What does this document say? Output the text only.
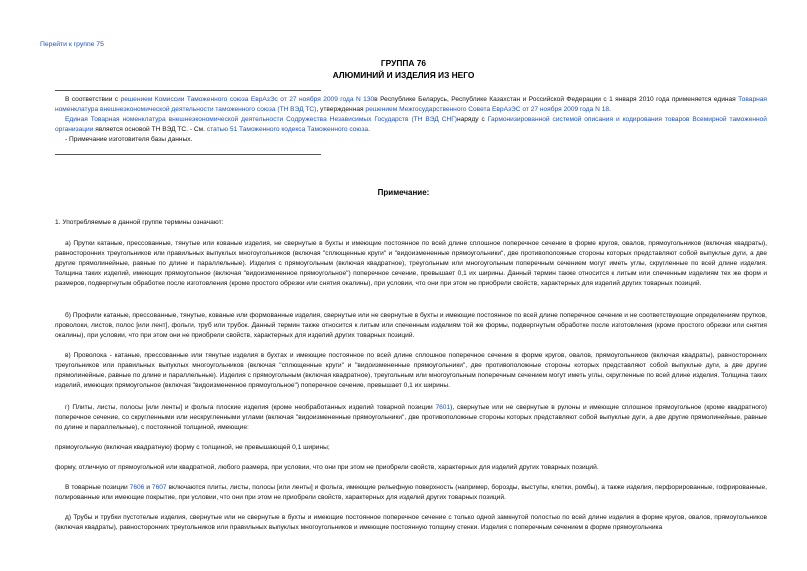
Перейти к группе 75
ГРУППА 76
АЛЮМИНИЙ И ИЗДЕЛИЯ ИЗ НЕГО

В соответствии с решением Комиссии Таможенного союза ЕврАзЭс от 27 ноября 2009 года N 130в Республике Беларусь, Республике Казахстан и Российской Федерации с 1 января 2010 года применяется единая Товарная номенклатура внешнеэкономической деятельности таможенного союза (ТН ВЭД ТС), утвержденная решением Межгосударственного Совета ЕврАзЭС от 27 ноября 2009 года N 18.

Единая Товарная номенклатура внешнеэкономической деятельности Содружества Независимых Государств (ТН ВЭД СНГ)наряду с Гармонизированной системой описания и кодирования товаров Всемирной таможенной организации является основой ТН ВЭД ТС. - См. статью 51 Таможенного кодекса Таможенного союза.

- Примечание изготовителя базы данных.

Примечание:
1. Употребляемые в данной группе термины означают:
а) Прутки катаные, прессованные, тянутые или кованые изделия, не свернутые в бухты и имеющие постоянное по всей длине сплошное поперечное сечение в форме кругов, овалов, прямоугольников (включая квадраты), равносторонних треугольников или правильных выпуклых многоугольников (включая "сплющенные круги" и "видоизмененные прямоугольники", две противоположные стороны которых представляют собой выпуклые дуги, а две другие прямолинейные, равные по длине и параллельные). Изделия с прямоугольным (включая квадратное), треугольным или многоугольным поперечным сечением могут иметь углы, скругленные по всей длине изделия. Толщина таких изделий, имеющих прямоугольное (включая "видоизмененное прямоугольное") поперечное сечение, превышает 0,1 их ширины. Данный термин также относится к литым или спеченным изделиям тех же форм и размеров, подвергнутым обработке после изготовления (кроме простого обрезки или снятия окалины), при условии, что они при этом не приобрели свойств, характерных для изделий других товарных позиций.
б) Профили катаные, прессованные, тянутые, кованые или формованные изделия, свернутые или не свернутые в бухты и имеющие постоянное по всей длине поперечное сечение и не соответствующие определениям прутков, проволоки, листов, полос [или лент], фольги, труб или трубок. Данный термин также относится к литым или спеченным изделиям той же формы, подвергнутым обработке после изготовления (кроме простого обрезки или снятия окалины), при условии, что при этом они не приобрели свойств, характерных для изделий других товарных позиций.
в) Проволока - катаные, прессованные или тянутые изделия в бухтах и имеющие постоянное по всей длине сплошное поперечное сечение в форме кругов, овалов, прямоугольников (включая квадраты), равносторонних треугольников или правильных выпуклых многоугольников (включая "сплющенные круги" и "видоизмененные прямоугольники", две противоположные стороны которых представляют собой выпуклые дуги, а две другие прямолинейные, равные по длине и параллельные). Изделия с прямоугольным (включая квадратное), треугольным или многоугольным поперечным сечением могут иметь углы, скругленные по всей длине изделия. Толщина таких изделий, имеющих прямоугольное (включая "видоизмененное прямоугольное") поперечное сечение, превышает 0,1 их ширины.
г) Плиты, листы, полосы [или ленты] и фольга плоские изделия (кроме необработанных изделий товарной позиции 7601), свернутые или не свернутые в рулоны и имеющие сплошное прямоугольное (кроме квадратного) поперечное сечение, со скругленными или нескругленными углами (включая "видоизмененные прямоугольники", две противоположные стороны которых представляют собой выпуклые дуги, а две другие прямолинейные, равные по длине и параллельные), с постоянной толщиной, имеющие:
прямоугольную (включая квадратную) форму с толщиной, не превышающей 0,1 ширины;
форму, отличную от прямоугольной или квадратной, любого размера, при условии, что они при этом не приобрели свойств, характерных для изделий других товарных позиций.
В товарные позиции 7606 и 7607 включаются плиты, листы, полосы [или ленты] и фольга, имеющие рельефную поверхность (например, борозды, выступы, клетки, ромбы), а также изделия, перфорированные, гофрированные, полированные или имеющие покрытие, при условии, что они при этом не приобрели свойств, характерных для изделий других товарных позиций.
д) Трубы и трубки пустотелые изделия, свернутые или не свернутые в бухты и имеющие постоянное поперечное сечение с только одной замкнутой полостью по всей длине изделия в форме кругов, овалов, прямоугольников (включая квадраты), равносторонних треугольников или правильных выпуклых многоугольников и имеющие постоянную толщину стенки. Изделия с поперечным сечением в форме прямоугольника
